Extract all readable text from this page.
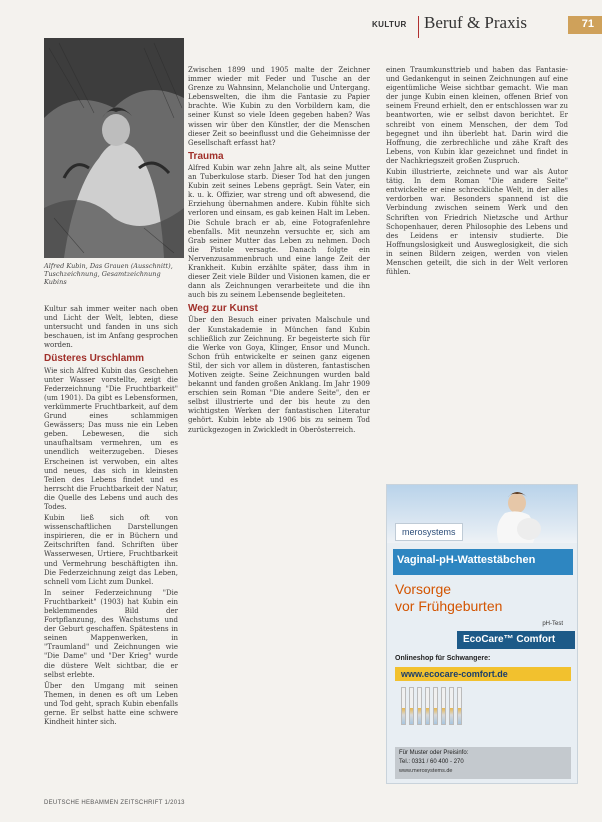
KULTUR Beruf & Praxis	71
Alfred Kubin, Das Grauen (Ausschnitt), Tuschzeichnung, Gesamtzeichnung Kubins

Kultur sah immer weiter nach oben und Licht der Welt, lebten, diese untersucht und fanden in uns sich beschauen, ist im Anfang gesprochen worden.

Düsteres Urschlamm

Wie sich Alfred Kubin das Geschehen unter Wasser vorstellte, zeigt die Federzeichnung "Die Fruchtbarkeit" (um 1901). Da gibt es Lebensformen, verkümmerte Fruchtbarkeit, auf dem Grund eines schlammigen Gewässers; Das muss nie ein Leben geben. Lebewesen, die sich unaufhaltsam vermehren, um es unendlich weiterzugeben. Dieses Erscheinen ist verwoben, ein altes und neues, das sich in kleinsten Teilen des Lebens findet und es herrscht die Fruchtbarkeit der Natur, die Quelle des Lebens und auch des Todes.

Kubin ließ sich oft von wissenschaftlichen Darstellungen inspirieren, die er in Büchern und Zeitschriften fand. Schriften über Wasserwesen, Urtiere, Fruchtbarkeit und Vermehrung beschäftigten ihn. Die Federzeichnung zeigt das Leben, schnell vom Licht zum Dunkel.

In seiner Federzeichnung "Die Fruchtbarkeit" (1903) hat Kubin ein beklemmendes Bild der Fortpflanzung, des Wachstums und der Geburt geschaffen. Spätestens in seinen Mappenwerken, in "Traumland" und Zeichnungen wie "Die Dame" und "Der Krieg" wurde die düstere Welt sichtbar, die er selbst erlebte.

Über den Umgang mit seinen Themen, in denen es oft um Leben und Tod geht, sprach Kubin ebenfalls gerne. Er selbst hatte eine schwere Kindheit hinter sich.

Zwischen 1899 und 1905 malte der Zeichner immer wieder mit Feder und Tusche an der Grenze zu Wahnsinn, Melancholie und Untergang. Lebenswelten, die ihm die Fantasie zu Papier brachte. Wie Kubin zu den Vorbildern kam, die seiner Kunst so viele Ideen gegeben haben? Was wissen wir über den Künstler, der die Menschen dieser Zeit so beeinflusst und die Geheimnisse der Gesellschaft erfasst hat?

Trauma

Alfred Kubin war zehn Jahre alt, als seine Mutter an Tuberkulose starb. Dieser Tod hat den jungen Kubin zeit seines Lebens geprägt. Sein Vater, ein k. u. k. Offizier, war streng und oft abwesend, die Erziehung übernahmen andere. Kubin fühlte sich verloren und einsam, es gab keinen Halt im Leben. Die Schule brach er ab, eine Fotografenlehre ebenfalls. Mit neunzehn versuchte er, sich am Grab seiner Mutter das Leben zu nehmen. Doch die Pistole versagte. Danach folgte ein Nervenzusammenbruch und eine lange Zeit der Krankheit. Kubin erzählte später, dass ihm in dieser Zeit viele Bilder und Visionen kamen, die er dann als Zeichnungen verarbeitete und die ihn auch bis zu seinem Lebensende begleiteten.

Weg zur Kunst

Über den Besuch einer privaten Malschule und der Kunstakademie in München fand Kubin schließlich zur Zeichnung. Er begeisterte sich für die Werke von Goya, Klinger, Ensor und Munch. Schon früh entwickelte er seinen ganz eigenen Stil, der sich vor allem in düsteren, fantastischen Motiven zeigte. Seine Zeichnungen wurden bald bekannt und fanden großen Anklang. Im Jahr 1909 erschien sein Roman "Die andere Seite", den er selbst illustrierte und der bis heute zu den wichtigsten Werken der fantastischen Literatur gehört. Kubin lebte ab 1906 bis zu seinem Tod zurückgezogen in Zwickledt in Oberösterreich.

einen Traumkunsttrieb und haben das Fantasie- und Gedankengut in seinen Zeichnungen auf eine eigentümliche Weise sichtbar gemacht. Wie man der junge Kubin einen kleinen, offenen Brief von seinem Freund erhielt, den er entschlossen war zu beantworten, wie er selbst davon berichtet. Er schreibt von einem Menschen, der dem Tod begegnet und ihn überlebt hat. Darin wird die Hoffnung, die zerbrechliche und zähe Kraft des Lebens, von Kubin klar gezeichnet und findet in der Nachkriegszeit großen Zuspruch.

Kubin illustrierte, zeichnete und war als Autor tätig. In dem Roman "Die andere Seite" entwickelte er eine schreckliche Welt, in der alles verdorben war. Besonders spannend ist die Verbindung zwischen seinem Werk und den Schriften von Friedrich Nietzsche und Arthur Schopenhauer, deren Philosophie des Lebens und des Leidens er intensiv studierte. Die Hoffnungslosigkeit und Ausweglosigkeit, die sich in seinen Bildern zeigen, werden von vielen Menschen geteilt, die sich in der Welt verloren fühlen.

merosystems
Vaginal-pH-Wattestäbchen
Vorsorge
vor Frühgeburten
pH-Test
EcoCare™ Comfort
Onlineshop für Schwangere:
www.ecocare-comfort.de
Für Muster oder Preisinfo:
Tel.: 0331 / 60 400 - 270
www.merosystems.de
DEUTSCHE HEBAMMEN ZEITSCHRIFT 1/2013
